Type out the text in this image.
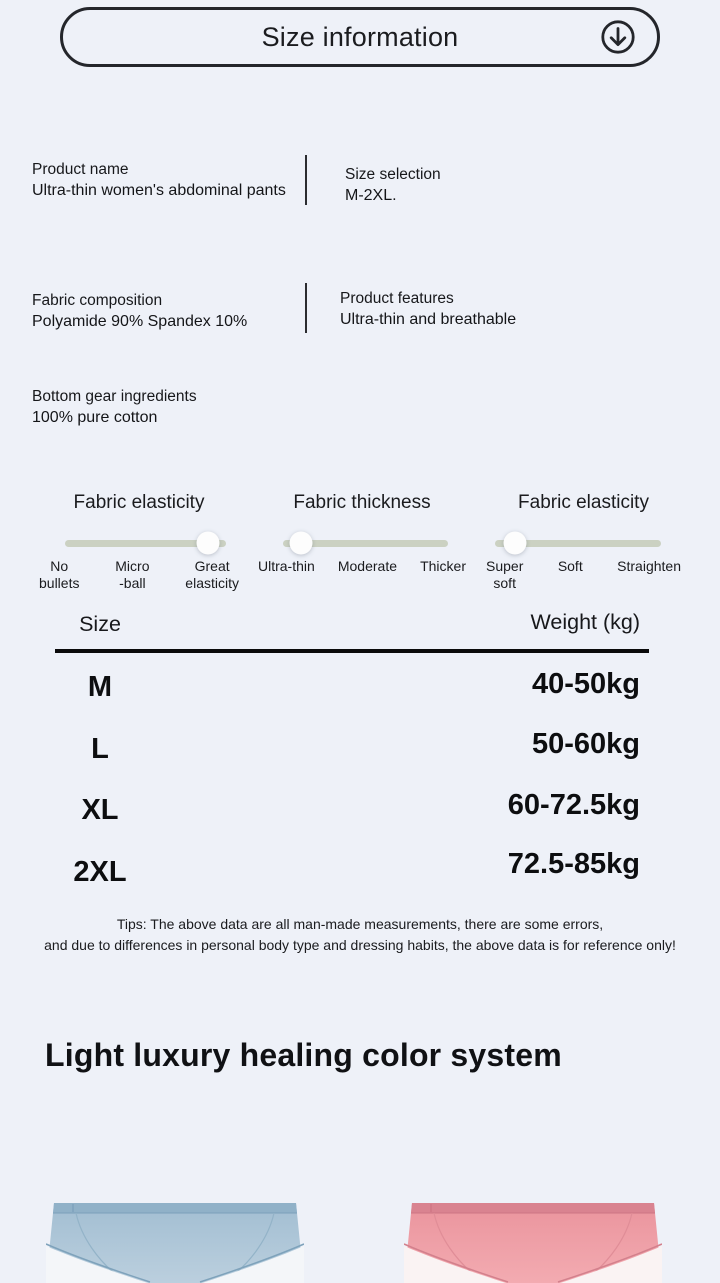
Size information
Product name
Ultra-thin women's abdominal pants
Size selection
M-2XL.
Fabric composition
Polyamide 90% Spandex 10%
Product features
Ultra-thin and breathable
Bottom gear ingredients
100% pure cotton
Fabric elasticity
No
bullets
Micro
-ball
Great
elasticity
Fabric thickness
Ultra-thin Moderate Thicker
Fabric elasticity
Super
soft
Soft Straighten
Size	Weight (kg)
M	40-50kg
L	50-60kg
XL	60-72.5kg
2XL	72.5-85kg
Tips: The above data are all man-made measurements, there are some errors,
and due to differences in personal body type and dressing habits, the above data is for reference only!
Light luxury healing color system
